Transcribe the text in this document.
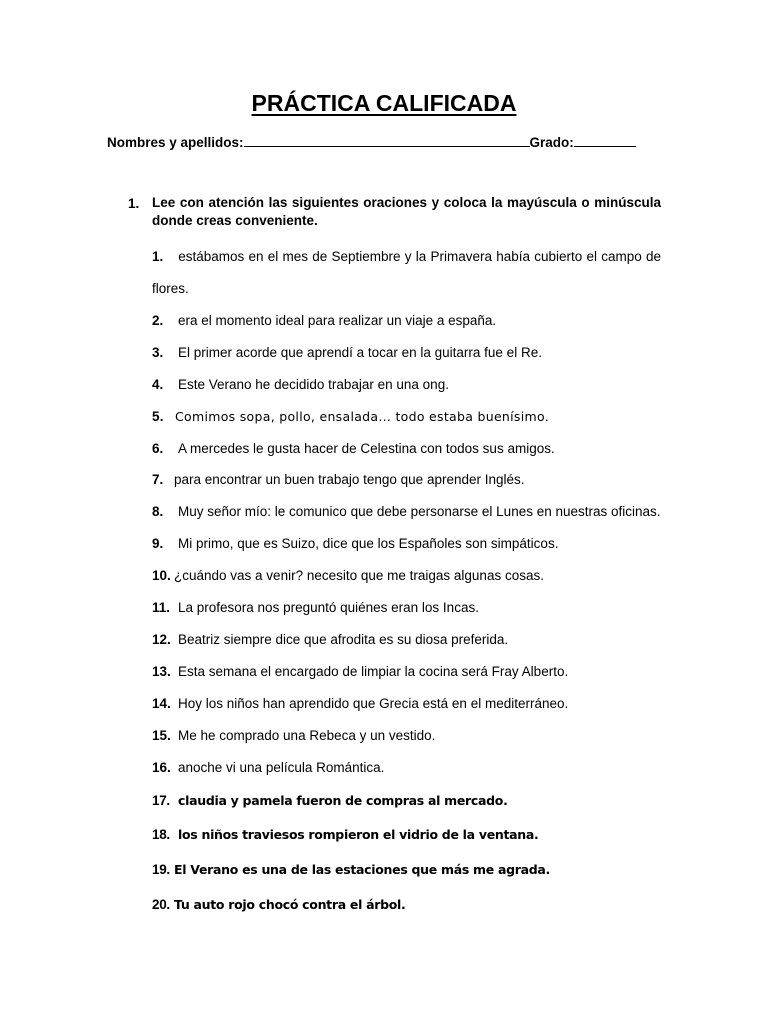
PRÁCTICA CALIFICADA
Nombres y apellidos:	Grado:
1. Lee con atención las siguientes oraciones y coloca la mayúscula o minúscula donde creas conveniente.
1. estábamos en el mes de Septiembre y la Primavera había cubierto el campo de flores.
2. era el momento ideal para realizar un viaje a españa.
3. El primer acorde que aprendí a tocar en la guitarra fue el Re.
4. Este Verano he decidido trabajar en una ong.
5. Comimos sopa, pollo, ensalada… todo estaba buenísimo.
6. A mercedes le gusta hacer de Celestina con todos sus amigos.
7. para encontrar un buen trabajo tengo que aprender Inglés.
8. Muy señor mío: le comunico que debe personarse el Lunes en nuestras oficinas.
9. Mi primo, que es Suizo, dice que los Españoles son simpáticos.
10. ¿cuándo vas a venir? necesito que me traigas algunas cosas.
11. La profesora nos preguntó quiénes eran los Incas.
12. Beatriz siempre dice que afrodita es su diosa preferida.
13. Esta semana el encargado de limpiar la cocina será Fray Alberto.
14. Hoy los niños han aprendido que Grecia está en el mediterráneo.
15. Me he comprado una Rebeca y un vestido.
16. anoche vi una película Romántica.
17. claudia y pamela fueron de compras al mercado.
18. los niños traviesos rompieron el vidrio de la ventana.
19. El Verano es una de las estaciones que más me agrada.
20. Tu auto rojo chocó contra el árbol.
